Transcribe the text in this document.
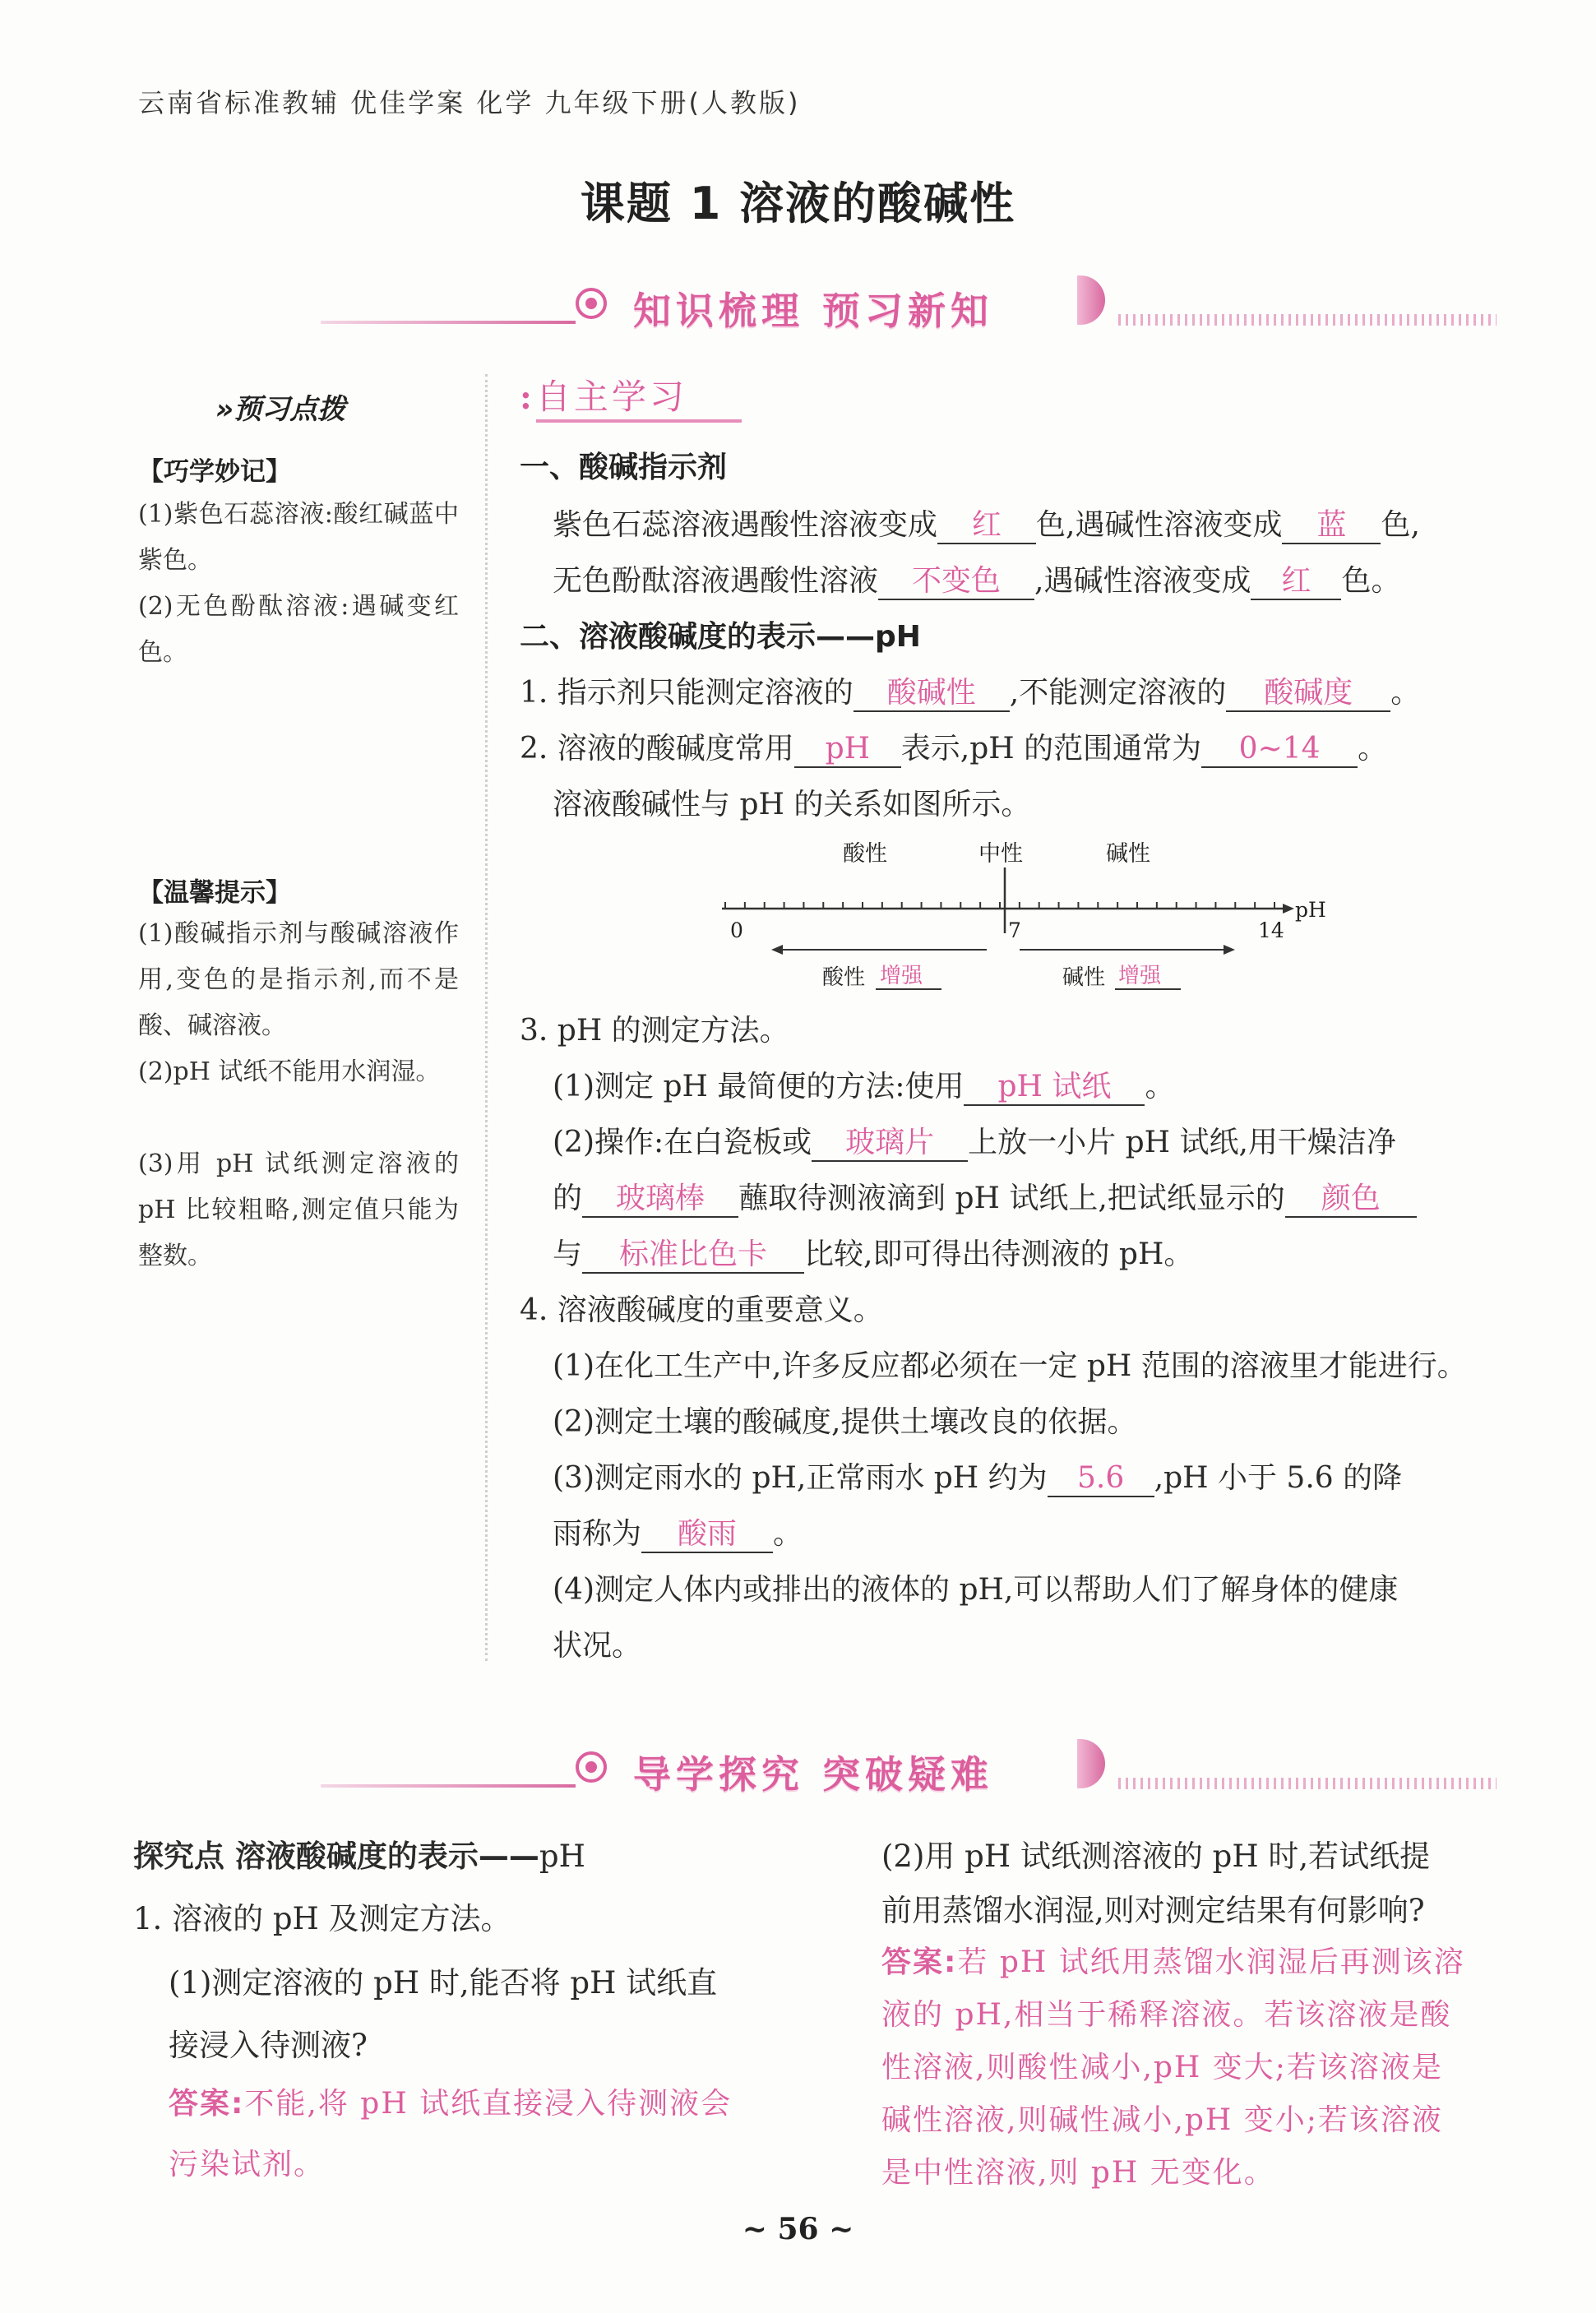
云南省标准教辅 优佳学案 化学 九年级下册(人教版)
课题 1 溶液的酸碱性
知识梳理 预习新知
»预习点拨
【巧学妙记】
(1)紫色石蕊溶液:酸红碱蓝中紫色。
(2)无色酚酞溶液:遇碱变红色。
【温馨提示】
(1)酸碱指示剂与酸碱溶液作用,变色的是指示剂,而不是酸、碱溶液。
(2)pH 试纸不能用水润湿。
(3)用 pH 试纸测定溶液的 pH 比较粗略,测定值只能为整数。
: 自主学习
一、酸碱指示剂
紫色石蕊溶液遇酸性溶液变成 红 色,遇碱性溶液变成 蓝 色,
无色酚酞溶液遇酸性溶液 不变色 ,遇碱性溶液变成 红 色。
二、溶液酸碱度的表示——pH
1. 指示剂只能测定溶液的 酸碱性 ,不能测定溶液的 酸碱度 。
2. 溶液的酸碱度常用 pH 表示,pH 的范围通常为 0~14 。
溶液酸碱性与 pH 的关系如图所示。
酸性	中性	碱性
0	7	14
pH
酸性 增强	碱性 增强
3. pH 的测定方法。
(1)测定 pH 最简便的方法:使用 pH 试纸 。
(2)操作:在白瓷板或 玻璃片 上放一小片 pH 试纸,用干燥洁净
的 玻璃棒 蘸取待测液滴到 pH 试纸上,把试纸显示的 颜色
与 标准比色卡 比较,即可得出待测液的 pH。
4. 溶液酸碱度的重要意义。
(1)在化工生产中,许多反应都必须在一定 pH 范围的溶液里才能进行。
(2)测定土壤的酸碱度,提供土壤改良的依据。
(3)测定雨水的 pH,正常雨水 pH 约为 5.6 ,pH 小于 5.6 的降
雨称为 酸雨 。
(4)测定人体内或排出的液体的 pH,可以帮助人们了解身体的健康
状况。
导学探究 突破疑难
探究点 溶液酸碱度的表示——pH
1. 溶液的 pH 及测定方法。
(1)测定溶液的 pH 时,能否将 pH 试纸直
接浸入待测液?
答案:不能,将 pH 试纸直接浸入待测液会
污染试剂。
(2)用 pH 试纸测溶液的 pH 时,若试纸提
前用蒸馏水润湿,则对测定结果有何影响?
答案:若 pH 试纸用蒸馏水润湿后再测该溶
液的 pH,相当于稀释溶液。若该溶液是酸
性溶液,则酸性减小,pH 变大;若该溶液是
碱性溶液,则碱性减小,pH 变小;若该溶液
是中性溶液,则 pH 无变化。
~ 56 ~
